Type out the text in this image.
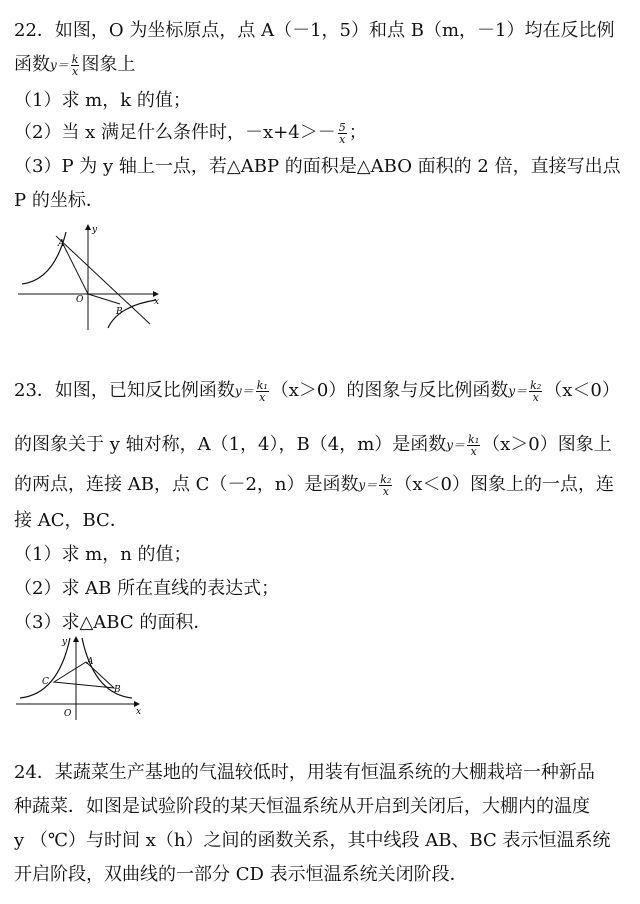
22．如图，O 为坐标原点，点 A（－1，5）和点 B（m，－1）均在反比例
函数$y= \frac{k}{x}$ 图象上
（1）求 m，k 的值；
（2）当 x 满足什么条件时，$-x+4>- \frac{5}{x}$ ；
（3）P 为 y 轴上一点，若△ABP 的面积是△ABO 面积的 2 倍，直接写出点
P 的坐标．
A
B
O	x
y
23．如图，已知反比例函数$y= \frac{\text{k₁}}{x} (x>0)$的图象与反比例函数$y= \frac{\text{k₂}}{x} (x<0)$
的图象关于 y 轴对称，A（1，4），B（4，m）是函数$y= \frac{\text{k₁}}{x} (x>0)$图象上
的两点，连接 AB，点 C（－2，n）是函数$y= \frac{\text{k₂}}{x} (x<0)$图象上的一点，连
接 AC，BC．
（1）求 m，n 的值；
（2）求 AB 所在直线的表达式；
（3）求△ABC 的面积．
A
B
C
O	x
y
24．某蔬菜生产基地的气温较低时，用装有恒温系统的大棚栽培一种新品
种蔬菜．如图是试验阶段的某天恒温系统从开启到关闭后，大棚内的温度
y （℃）与时间 x（h）之间的函数关系，其中线段 AB、BC 表示恒温系统
开启阶段，双曲线的一部分 CD 表示恒温系统关闭阶段．
